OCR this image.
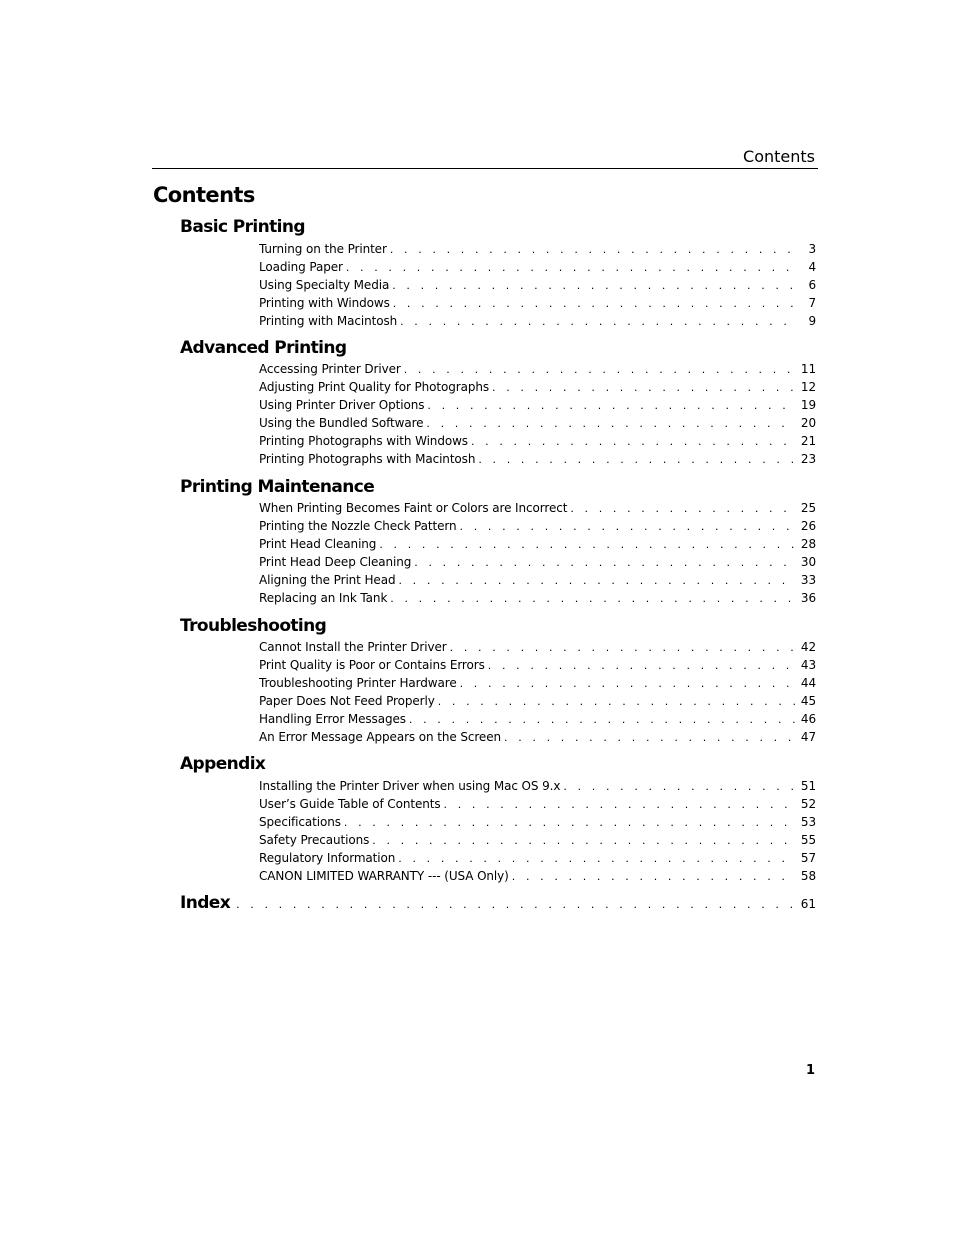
Contents
Contents
Basic Printing
Turning on the Printer . . .	3
Loading Paper . . .	4
Using Specialty Media . . .	6
Printing with Windows . . .	7
Printing with Macintosh . . .	9
Advanced Printing
Accessing Printer Driver . . .	11
Adjusting Print Quality for Photographs . . .	12
Using Printer Driver Options . . .	19
Using the Bundled Software . . .	20
Printing Photographs with Windows . . .	21
Printing Photographs with Macintosh . . .	23
Printing Maintenance
When Printing Becomes Faint or Colors are Incorrect . . .	25
Printing the Nozzle Check Pattern . . .	26
Print Head Cleaning . . .	28
Print Head Deep Cleaning . . .	30
Aligning the Print Head . . .	33
Replacing an Ink Tank . . .	36
Troubleshooting
Cannot Install the Printer Driver . . .	42
Print Quality is Poor or Contains Errors . . .	43
Troubleshooting Printer Hardware . . .	44
Paper Does Not Feed Properly . . .	45
Handling Error Messages . . .	46
An Error Message Appears on the Screen . . .	47
Appendix
Installing the Printer Driver when using Mac OS 9.x . . .	51
User’s Guide Table of Contents . . .	52
Specifications . . .	53
Safety Precautions . . .	55
Regulatory Information . . .	57
CANON LIMITED WARRANTY --- (USA Only) . . .	58
Index . . .	61
1
